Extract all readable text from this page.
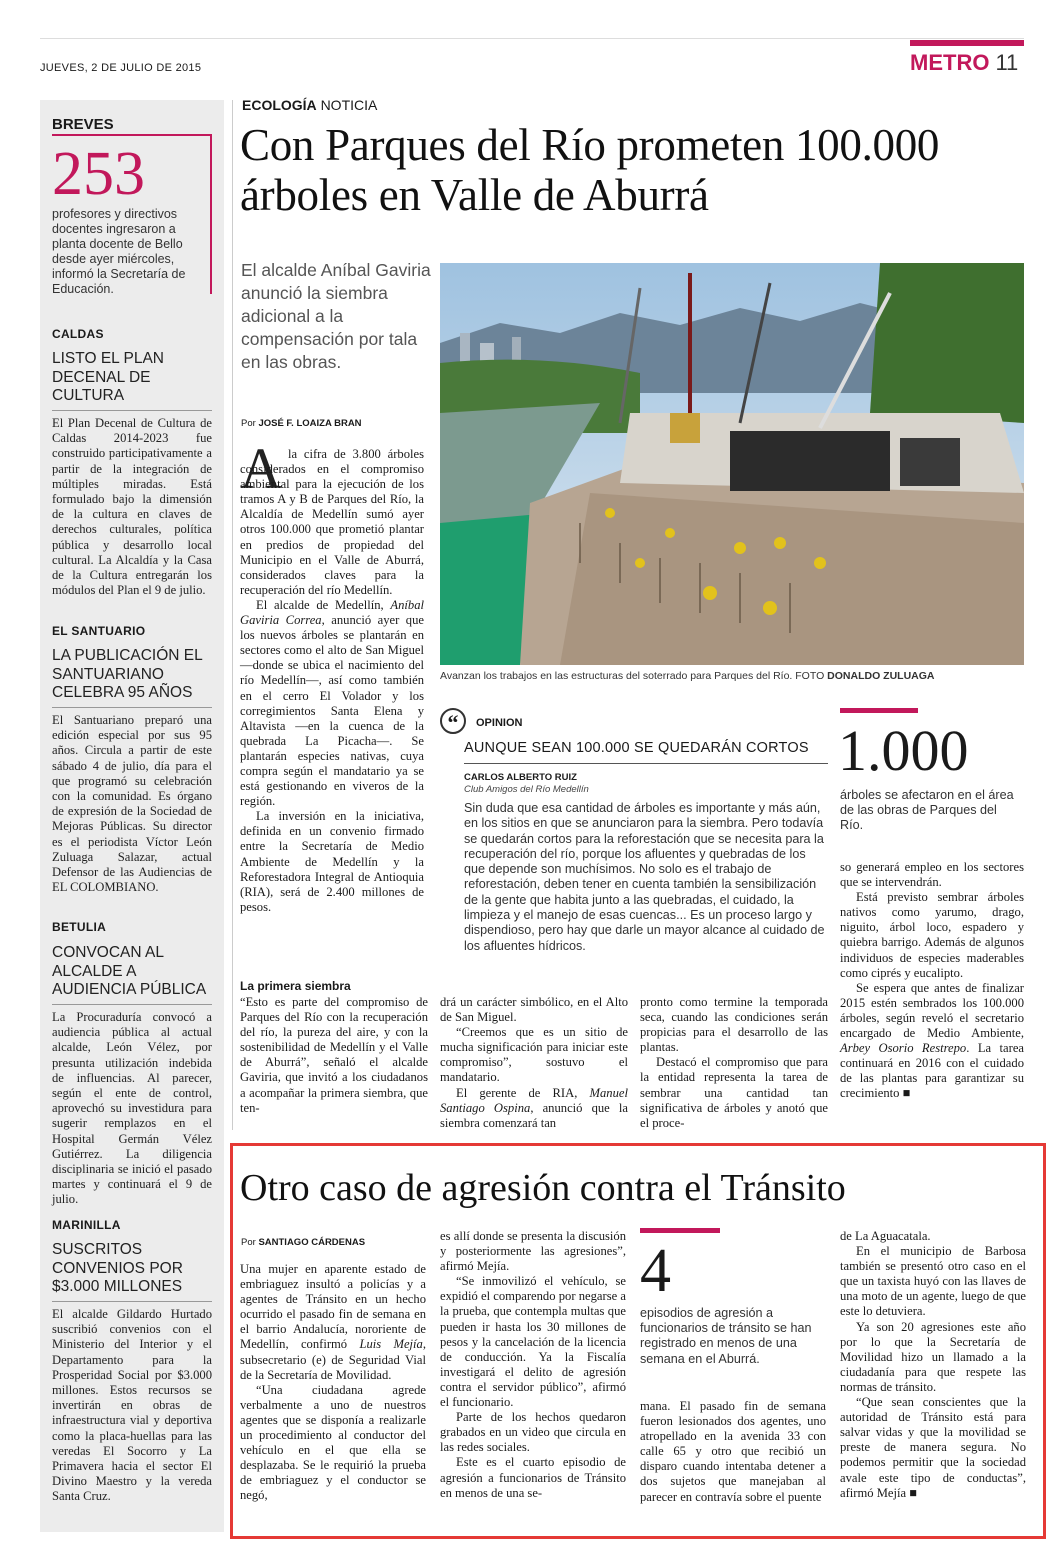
JUEVES, 2 DE JULIO DE 2015	METRO 11
BREVES
253
profesores y directivos docentes ingresaron a planta docente de Bello desde ayer miércoles, informó la Secretaría de Educación.
CALDAS
LISTO EL PLAN DECENAL DE CULTURA
El Plan Decenal de Cultura de Caldas 2014-2023 fue construido participativamente a partir de la integración de múltiples miradas. Está formulado bajo la dimensión de la cultura en claves de derechos culturales, política pública y desarrollo local cultural. La Alcaldía y la Casa de la Cultura entregarán los módulos del Plan el 9 de julio.
EL SANTUARIO
LA PUBLICACIÓN EL SANTUARIANO CELEBRA 95 AÑOS
El Santuariano preparó una edición especial por sus 95 años. Circula a partir de este sábado 4 de julio, día para el que programó su celebración con la comunidad. Es órgano de expresión de la Sociedad de Mejoras Públicas. Su director es el periodista Víctor León Zuluaga Salazar, actual Defensor de las Audiencias de EL COLOMBIANO.
BETULIA
CONVOCAN AL ALCALDE A AUDIENCIA PÚBLICA
La Procuraduría convocó a audiencia pública al actual alcalde, León Vélez, por presunta utilización indebida de influencias. Al parecer, según el ente de control, aprovechó su investidura para sugerir remplazos en el Hospital Germán Vélez Gutiérrez. La diligencia disciplinaria se inició el pasado martes y continuará el 9 de julio.
MARINILLA
SUSCRITOS CONVENIOS POR $3.000 MILLONES
El alcalde Gildardo Hurtado suscribió convenios con el Ministerio del Interior y el Departamento para la Prosperidad Social por $3.000 millones. Estos recursos se invertirán en obras de infraestructura vial y deportiva como la placa-huellas para las veredas El Socorro y La Primavera hacia el sector El Divino Maestro y la vereda Santa Cruz.
ECOLOGÍA NOTICIA
Con Parques del Río prometen 100.000 árboles en Valle de Aburrá
El alcalde Aníbal Gaviria anunció la siembra adicional a la compensación por tala en las obras.
Por JOSÉ F. LOAIZA BRAN
A la cifra de 3.800 árboles considerados en el compromiso ambiental para la ejecución de los tramos A y B de Parques del Río, la Alcaldía de Medellín sumó ayer otros 100.000 que prometió plantar en predios de propiedad del Municipio en el Valle de Aburrá, considerados claves para la recuperación del río Medellín.

El alcalde de Medellín, Aníbal Gaviria Correa, anunció ayer que los nuevos árboles se plantarán en sectores como el alto de San Miguel —donde se ubica el nacimiento del río Medellín—, así como también en el cerro El Volador y los corregimientos Santa Elena y Altavista —en la cuenca de la quebrada La Picacha—. Se plantarán especies nativas, cuya compra según el mandatario ya se está gestionando en viveros de la región.

La inversión en la iniciativa, definida en un convenio firmado entre la Secretaría de Medio Ambiente de Medellín y la Reforestadora Integral de Antioquia (RIA), será de 2.400 millones de pesos.

Avanzan los trabajos en las estructuras del soterrado para Parques del Río. FOTO DONALDO ZULUAGA
“	OPINION
AUNQUE SEAN 100.000 SE QUEDARÁN CORTOS
CARLOS ALBERTO RUIZ
Club Amigos del Río Medellín
Sin duda que esa cantidad de árboles es importante y más aún, en los sitios en que se anunciaron para la siembra. Pero todavía se quedarán cortos para la reforestación que se necesita para la recuperación del río, porque los afluentes y quebradas de los que depende son muchísimos. No solo es el trabajo de reforestación, deben tener en cuenta también la sensibilización de la gente que habita junto a las quebradas, el cuidado, la limpieza y el manejo de esas cuencas... Es un proceso largo y dispendioso, pero hay que darle un mayor alcance al cuidado de los afluentes hídricos.
1.000
árboles se afectaron en el área de las obras de Parques del Río.
La primera siembra

“Esto es parte del compromiso de Parques del Río con la recuperación del río, la pureza del aire, y con la sostenibilidad de Medellín y el Valle de Aburrá”, señaló el alcalde Gaviria, que invitó a los ciudadanos a acompañar la primera siembra, que ten-

drá un carácter simbólico, en el Alto de San Miguel.

“Creemos que es un sitio de mucha significación para iniciar este compromiso”, sostuvo el mandatario.

El gerente de RIA, Manuel Santiago Ospina, anunció que la siembra comenzará tan

pronto como termine la temporada seca, cuando las condiciones serán propicias para el desarrollo de las plantas.

Destacó el compromiso que para la entidad representa la tarea de sembrar una cantidad tan significativa de árboles y anotó que el proce-

so generará empleo en los sectores que se intervendrán.

Está previsto sembrar árboles nativos como yarumo, drago, niguito, árbol loco, espadero y quiebra barrigo. Además de algunos individuos de especies maderables como ciprés y eucalipto.

Se espera que antes de finalizar 2015 estén sembrados los 100.000 árboles, según reveló el secretario encargado de Medio Ambiente, Arbey Osorio Restrepo. La tarea continuará en 2016 con el cuidado de las plantas para garantizar su crecimiento ■

Otro caso de agresión contra el Tránsito
Por SANTIAGO CÁRDENAS

Una mujer en aparente estado de embriaguez insultó a policías y a agentes de Tránsito en un hecho ocurrido el pasado fin de semana en el barrio Andalucía, nororiente de Medellín, confirmó Luis Mejía, subsecretario (e) de Seguridad Vial de la Secretaría de Movilidad.

“Una ciudadana agrede verbalmente a uno de nuestros agentes que se disponía a realizarle un procedimiento al conductor del vehículo en el que ella se desplazaba. Se le requirió la prueba de embriaguez y el conductor se negó,

es allí donde se presenta la discusión y posteriormente las agresiones”, afirmó Mejía.

“Se inmovilizó el vehículo, se expidió el comparendo por negarse a la prueba, que contempla multas que pueden ir hasta los 30 millones de pesos y la cancelación de la licencia de conducción. Ya la Fiscalía investigará el delito de agresión contra el servidor público”, afirmó el funcionario.

Parte de los hechos quedaron grabados en un video que circula en las redes sociales.

Este es el cuarto episodio de agresión a funcionarios de Tránsito en menos de una se-

4
episodios de agresión a funcionarios de tránsito se han registrado en menos de una semana en el Aburrá.

mana. El pasado fin de semana fueron lesionados dos agentes, uno atropellado en la avenida 33 con calle 65 y otro que recibió un disparo cuando intentaba detener a dos sujetos que manejaban al parecer en contravía sobre el puente

de La Aguacatala.

En el municipio de Barbosa también se presentó otro caso en el que un taxista huyó con las llaves de una moto de un agente, luego de que este lo detuviera.

Ya son 20 agresiones este año por lo que la Secretaría de Movilidad hizo un llamado a la ciudadanía para que respete las normas de tránsito.

“Que sean conscientes que la autoridad de Tránsito está para salvar vidas y que la movilidad se preste de manera segura. No podemos permitir que la sociedad avale este tipo de conductas”, afirmó Mejía ■
